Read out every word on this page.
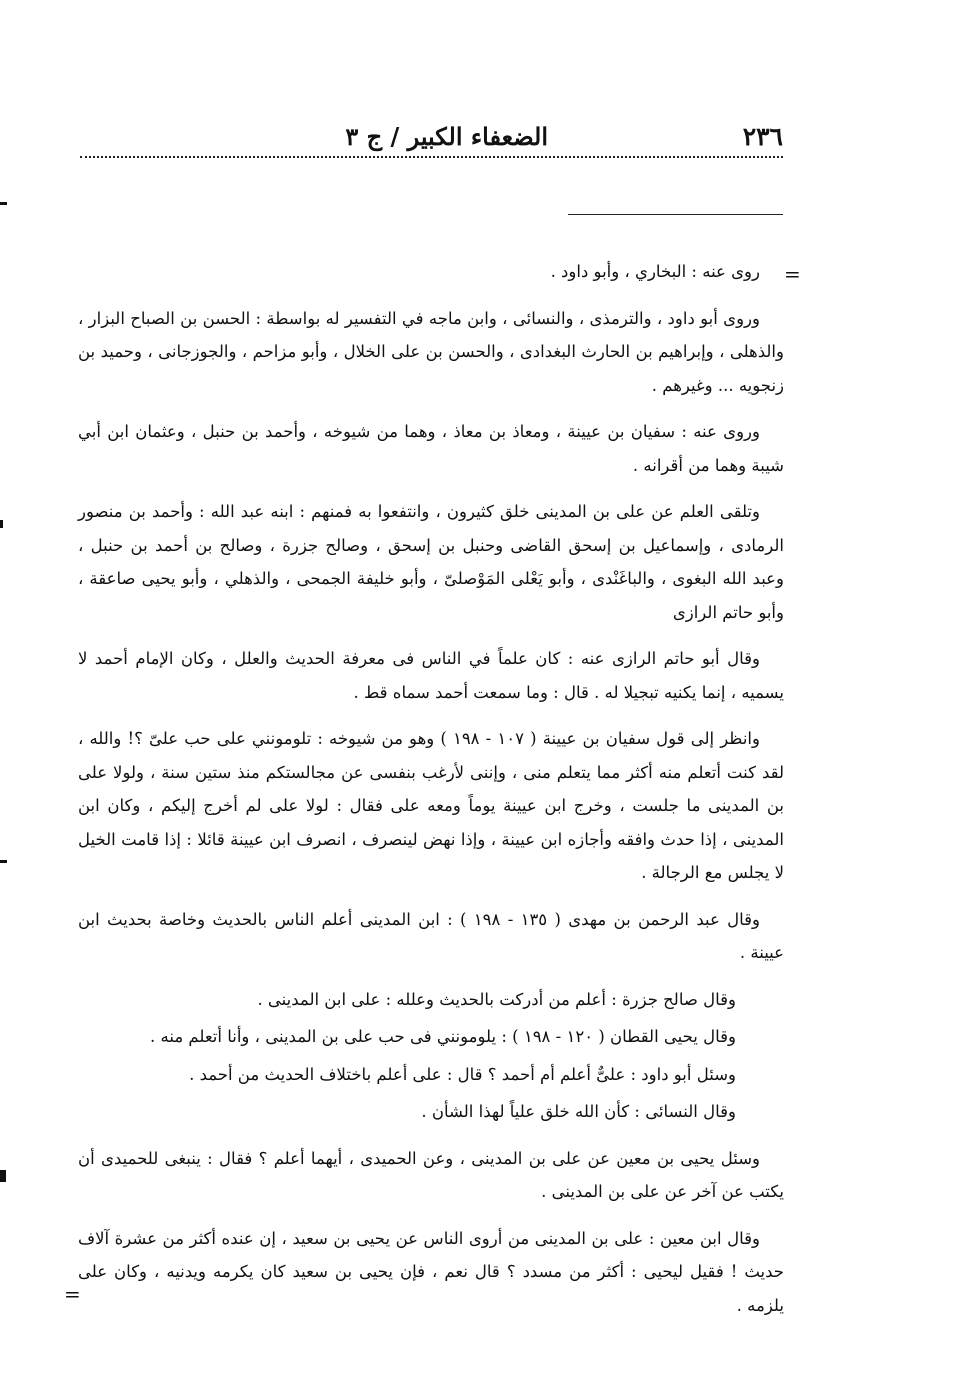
٢٣٦
الضعفاء الكبير / ج ٣
=

روى عنه : البخاري ، وأبو داود .

وروى أبو داود ، والترمذى ، والنسائى ، وابن ماجه في التفسير له بواسطة : الحسن بن الصباح البزار ، والذهلى ، وإبراهيم بن الحارث البغدادى ، والحسن بن على الخلال ، وأبو مزاحم ، والجوزجانى ، وحميد بن زنجويه ... وغيرهم .

وروى عنه : سفيان بن عيينة ، ومعاذ بن معاذ ، وهما من شيوخه ، وأحمد بن حنبل ، وعثمان ابن أبي شيبة وهما من أقرانه .

وتلقى العلم عن على بن المدينى خلق كثيرون ، وانتفعوا به فمنهم : ابنه عبد الله : وأحمد بن منصور الرمادى ، وإسماعيل بن إسحق القاضى وحنبل بن إسحق ، وصالح جزرة ، وصالح بن أحمد بن حنبل ، وعبد الله البغوى ، والباغَنْدى ، وأبو يَعْلى المَوْصلىّ ، وأبو خليفة الجمحى ، والذهلي ، وأبو يحيى صاعقة ، وأبو حاتم الرازى

وقال أبو حاتم الرازى عنه : كان علماً في الناس فى معرفة الحديث والعلل ، وكان الإمام أحمد لا يسميه ، إنما يكنيه تبجيلا له . قال : وما سمعت أحمد سماه قط .

وانظر إلى قول سفيان بن عيينة ( ١٠٧ - ١٩٨ ) وهو من شيوخه : تلومونني على حب علىّ ؟! والله ، لقد كنت أتعلم منه أكثر مما يتعلم منى ، وإننى لأرغب بنفسى عن مجالستكم منذ ستين سنة ، ولولا على بن المدينى ما جلست ، وخرج ابن عيينة يوماً ومعه على فقال : لولا على لم أخرج إليكم ، وكان ابن المدينى ، إذا حدث وافقه وأجازه ابن عيينة ، وإذا نهض لينصرف ، انصرف ابن عيينة قائلا : إذا قامت الخيل لا يجلس مع الرجالة .

وقال عبد الرحمن بن مهدى ( ١٣٥ - ١٩٨ ) : ابن المدينى أعلم الناس بالحديث وخاصة بحديث ابن عيينة .

وقال صالح جزرة : أعلم من أدركت بالحديث وعلله : على ابن المدينى .

وقال يحيى القطان ( ١٢٠ - ١٩٨ ) : يلومونني فى حب على بن المدينى ، وأنا أتعلم منه .

وسئل أبو داود : علىٌّ أعلم أم أحمد ؟ قال : على أعلم باختلاف الحديث من أحمد .

وقال النسائى : كأن الله خلق علياً لهذا الشأن .

وسئل يحيى بن معين عن على بن المدينى ، وعن الحميدى ، أيهما أعلم ؟ فقال : ينبغى للحميدى أن يكتب عن آخر عن على بن المدينى .

وقال ابن معين : على بن المدينى من أروى الناس عن يحيى بن سعيد ، إن عنده أكثر من عشرة آلاف حديث ! فقيل ليحيى : أكثر من مسدد ؟ قال نعم ، فإن يحيى بن سعيد كان يكرمه ويدنيه ، وكان على يلزمه .

=
